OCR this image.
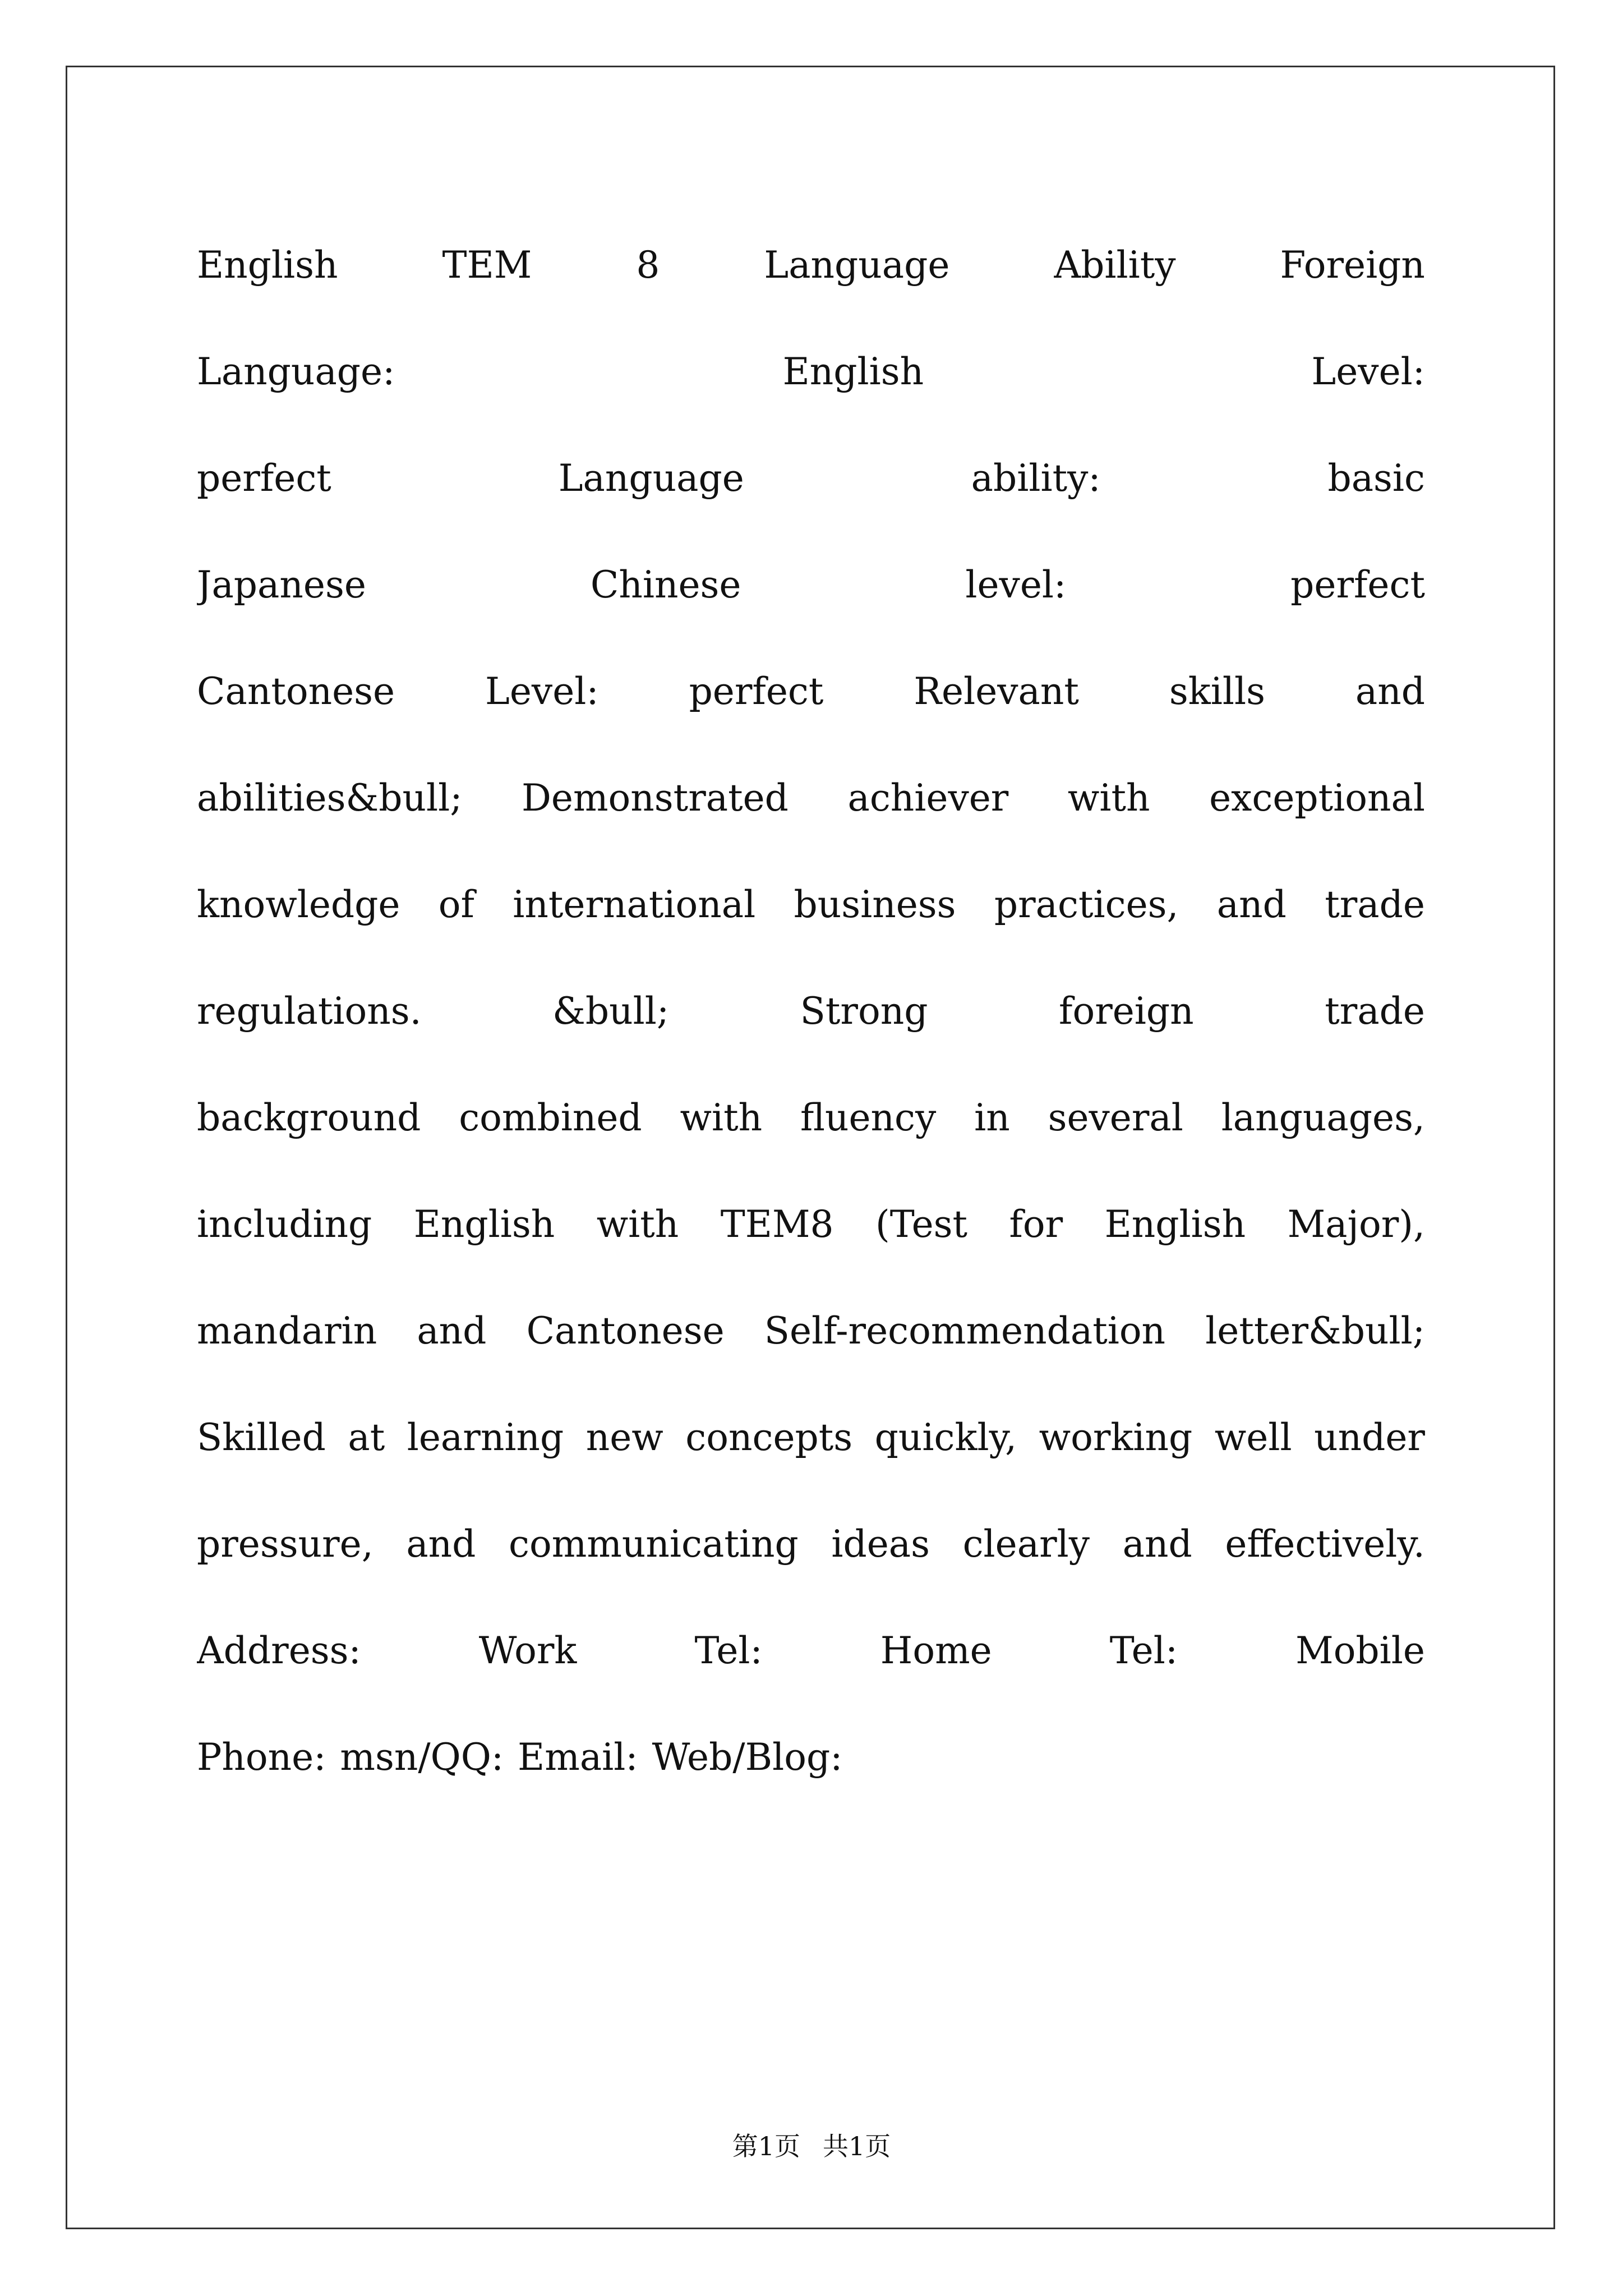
English	TEM	8	Language	Ability	Foreign
Language:	English	Level:
perfect	Language	ability:	basic
Japanese	Chinese	level:	perfect
Cantonese Level: perfect Relevant skills and
abilities&bull; Demonstrated achiever with exceptional
knowledge of international business practices, and trade
regulations.	&bull;	Strong	foreign	trade
background combined with fluency in several languages,
including English with TEM8 (Test for English Major),
mandarin and Cantonese Self-recommendation letter&bull;
Skilled at learning new concepts quickly, working well under
pressure, and communicating ideas clearly and effectively.
Address:	Work	Tel:	Home	Tel:	Mobile
Phone: msn/QQ: Email: Web/Blog:
第1页 共1页
